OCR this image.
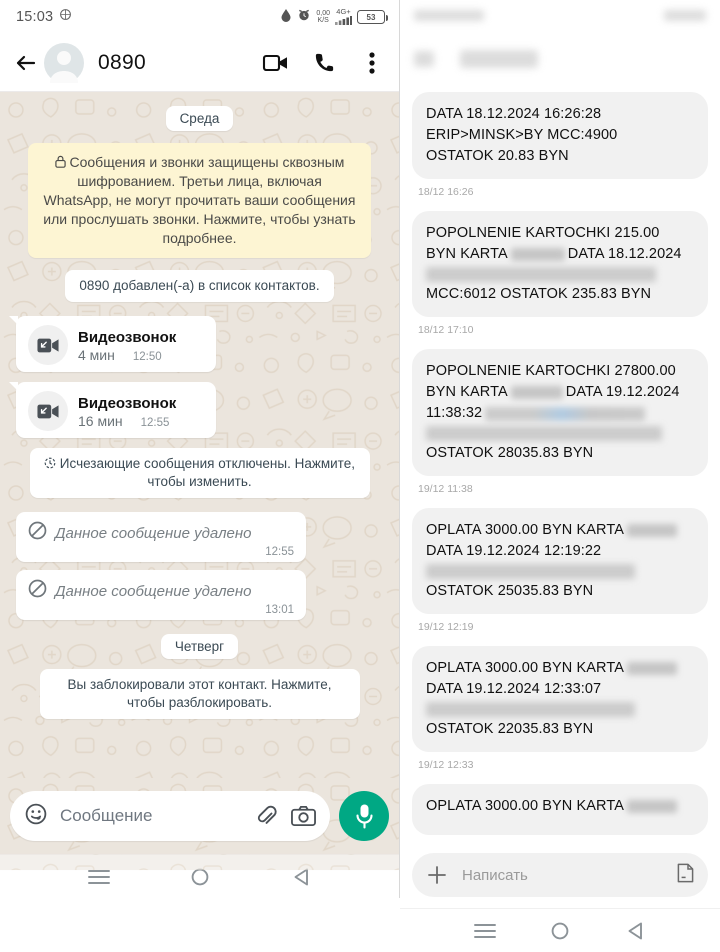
15:03	0,00
K/S
4G+

53
0890
Среда
Сообщения и звонки защищены сквозным шифрованием. Третьи лица, включая WhatsApp, не могут прочитать ваши сообщения или прослушать звонки. Нажмите, чтобы узнать подробнее.
0890 добавлен(-а) в список контактов.
Видеозвонок
4 мин 12:50
Видеозвонок
16 мин 12:55
Исчезающие сообщения отключены. Нажмите, чтобы изменить.
Данное сообщение удалено
12:55
Данное сообщение удалено
13:01
Четверг
Вы заблокировали этот контакт. Нажмите, чтобы разблокировать.
Сообщение
DATA 18.12.2024 16:26:28
ERIP>MINSK>BY MCC:4900
OSTATOK 20.83 BYN
18/12 16:26
POPOLNENIE KARTOCHKI 215.00
BYN KARTA	DATA 18.12.2024
MCC:6012 OSTATOK 235.83 BYN
18/12 17:10
POPOLNENIE KARTOCHKI 27800.00
BYN KARTA	DATA 19.12.2024
11:38:32
OSTATOK 28035.83 BYN
19/12 11:38
OPLATA 3000.00 BYN KARTA
DATA 19.12.2024 12:19:22
OSTATOK 25035.83 BYN
19/12 12:19
OPLATA 3000.00 BYN KARTA
DATA 19.12.2024 12:33:07
OSTATOK 22035.83 BYN
19/12 12:33
OPLATA 3000.00 BYN KARTA
Написать
